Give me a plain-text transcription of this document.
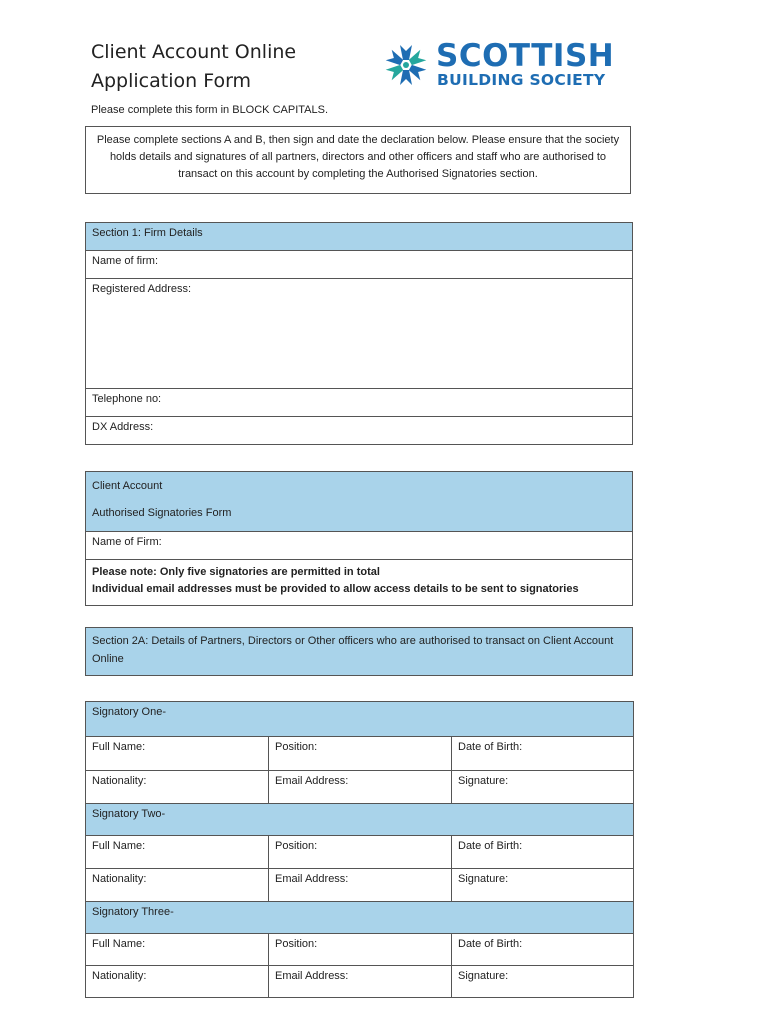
Client Account Online
Application Form
SCOTTISH
BUILDING SOCIETY
Please complete this form in BLOCK CAPITALS.
Please complete sections A and B, then sign and date the declaration below. Please ensure that the society holds details and signatures of all partners, directors and other officers and staff who are authorised to transact on this account by completing the Authorised Signatories section.
Section 1: Firm Details
Name of firm:
Registered Address:
Telephone no:
DX Address:
Client Account
Authorised Signatories Form

Name of Firm:

Please note: Only five signatories are permitted in total
Individual email addresses must be provided to allow access details to be sent to signatories
Section 2A: Details of Partners, Directors or Other officers who are authorised to transact on Client Account Online
Signatory One-		
Full Name:	Position:	Date of Birth:
Nationality:	Email Address:	Signature:
Signatory Two-		
Full Name:	Position:	Date of Birth:
Nationality:	Email Address:	Signature:
Signatory Three-		
Full Name:	Position:	Date of Birth:
Nationality:	Email Address:	Signature:
